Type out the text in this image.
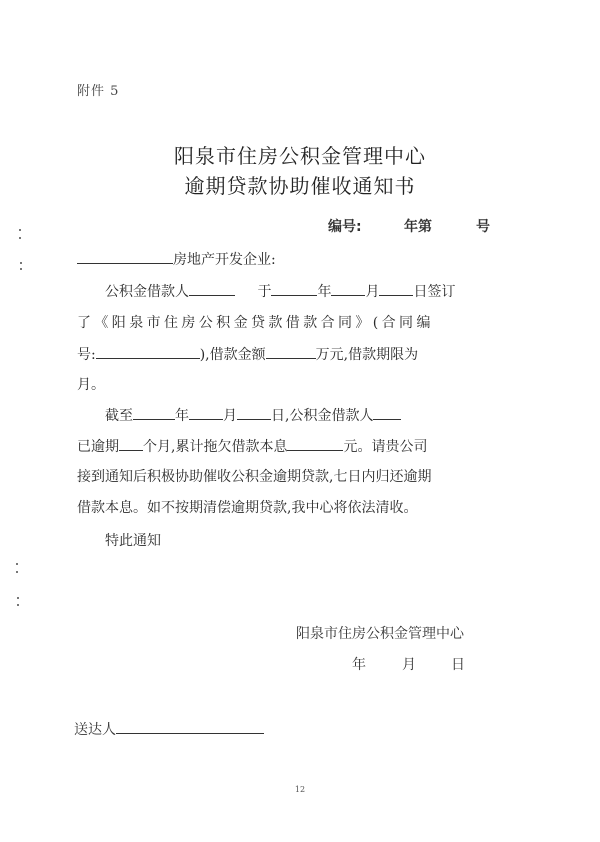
附件 5
阳泉市住房公积金管理中心
逾期贷款协助催收通知书
编号:	年第	号
房地产开发企业:
公积金借款人	于	年 月 日签订
了《阳泉市住房公积金贷款借款合同》(合同编
号:	),借款金额	万元,借款期限为
月。
截至	年 月 日,公积金借款人
已逾期 个月,累计拖欠借款本息	元。请贵公司
接到通知后积极协助催收公积金逾期贷款,七日内归还逾期
借款本息。如不按期清偿逾期贷款,我中心将依法清收。
特此通知
阳泉市住房公积金管理中心
年	月	日
送达人
12
